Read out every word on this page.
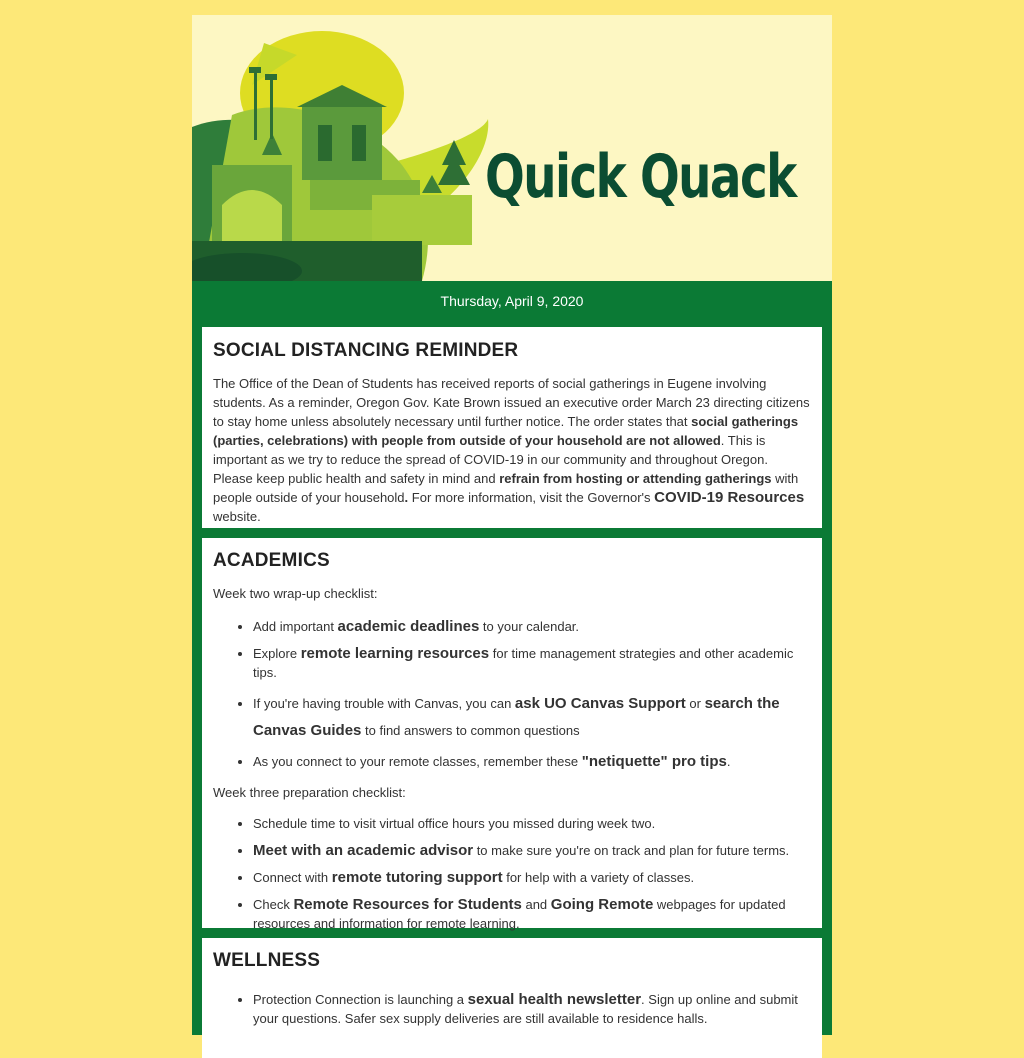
Quick Quack
Thursday, April 9, 2020
SOCIAL DISTANCING REMINDER

The Office of the Dean of Students has received reports of social gatherings in Eugene involving students. As a reminder, Oregon Gov. Kate Brown issued an executive order March 23 directing citizens to stay home unless absolutely necessary until further notice. The order states that social gatherings (parties, celebrations) with people from outside of your household are not allowed. This is important as we try to reduce the spread of COVID-19 in our community and throughout Oregon. Please keep public health and safety in mind and refrain from hosting or attending gatherings with people outside of your household. For more information, visit the Governor's COVID-19 Resources website.

ACADEMICS

Week two wrap-up checklist:

• Add important academic deadlines to your calendar.
• Explore remote learning resources for time management strategies and other academic tips.
• If you're having trouble with Canvas, you can ask UO Canvas Support or search the Canvas Guides to find answers to common questions
• As you connect to your remote classes, remember these "netiquette" pro tips.

Week three preparation checklist:

• Schedule time to visit virtual office hours you missed during week two.
• Meet with an academic advisor to make sure you're on track and plan for future terms.
• Connect with remote tutoring support for help with a variety of classes.
• Check Remote Resources for Students and Going Remote webpages for updated resources and information for remote learning.
WELLNESS
• Protection Connection is launching a sexual health newsletter. Sign up online and submit your questions. Safer sex supply deliveries are still available to residence halls.
